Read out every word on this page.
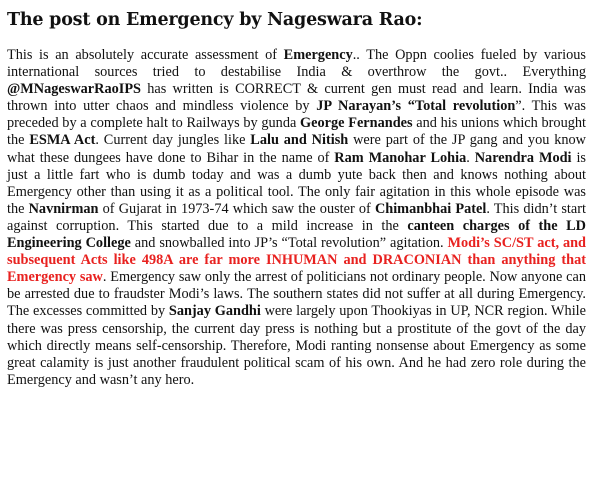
The post on Emergency by Nageswara Rao:

This is an absolutely accurate assessment of Emergency.. The Oppn coolies fueled by various international sources tried to destabilise India & overthrow the govt.. Everything @MNageswarRaoIPS has written is CORRECT & current gen must read and learn. India was thrown into utter chaos and mindless violence by JP Narayan’s “Total revolution”. This was preceded by a complete halt to Railways by gunda George Fernandes and his unions which brought the ESMA Act. Current day jungles like Lalu and Nitish were part of the JP gang and you know what these dungees have done to Bihar in the name of Ram Manohar Lohia. Narendra Modi is just a little fart who is dumb today and was a dumb yute back then and knows nothing about Emergency other than using it as a political tool. The only fair agitation in this whole episode was the Navnirman of Gujarat in 1973-74 which saw the ouster of Chimanbhai Patel. This didn’t start against corruption. This started due to a mild increase in the canteen charges of the LD Engineering College and snowballed into JP’s “Total revolution” agitation. Modi’s SC/ST act, and subsequent Acts like 498A are far more INHUMAN and DRACONIAN than anything that Emergency saw. Emergency saw only the arrest of politicians not ordinary people. Now anyone can be arrested due to fraudster Modi’s laws. The southern states did not suffer at all during Emergency. The excesses committed by Sanjay Gandhi were largely upon Thookiyas in UP, NCR region. While there was press censorship, the current day press is nothing but a prostitute of the govt of the day which directly means self-censorship. Therefore, Modi ranting nonsense about Emergency as some great calamity is just another fraudulent political scam of his own. And he had zero role during the Emergency and wasn’t any hero.
